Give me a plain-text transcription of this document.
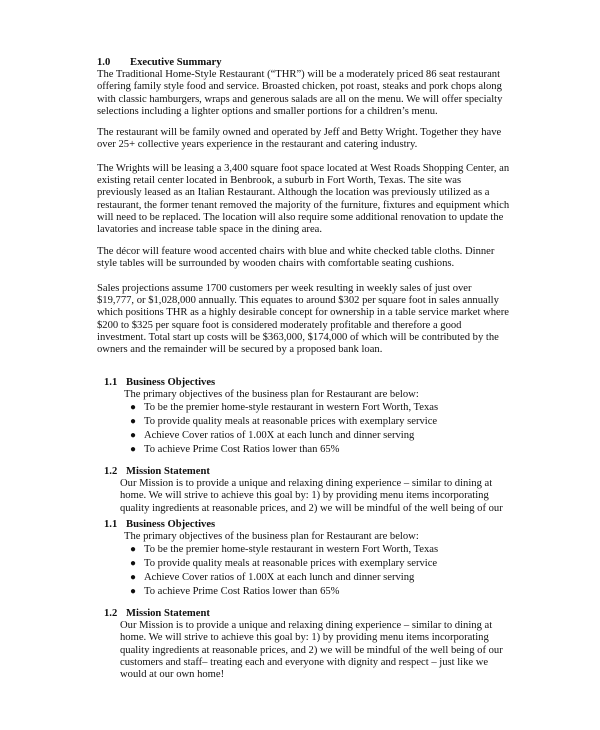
1.0 Executive Summary
The Traditional Home-Style Restaurant (“THR”) will be a moderately priced 86 seat restaurant
offering family style food and service. Broasted chicken, pot roast, steaks and pork chops along
with classic hamburgers, wraps and generous salads are all on the menu. We will offer specialty
selections including a lighter options and smaller portions for a children’s menu.
The restaurant will be family owned and operated by Jeff and Betty Wright. Together they have
over 25+ collective years experience in the restaurant and catering industry.
The Wrights will be leasing a 3,400 square foot space located at West Roads Shopping Center, an
existing retail center located in Benbrook, a suburb in Fort Worth, Texas. The site was
previously leased as an Italian Restaurant. Although the location was previously utilized as a
restaurant, the former tenant removed the majority of the furniture, fixtures and equipment which
will need to be replaced. The location will also require some additional renovation to update the
lavatories and increase table space in the dining area.
The décor will feature wood accented chairs with blue and white checked table cloths. Dinner
style tables will be surrounded by wooden chairs with comfortable seating cushions.
Sales projections assume 1700 customers per week resulting in weekly sales of just over
$19,777, or $1,028,000 annually. This equates to around $302 per square foot in sales annually
which positions THR as a highly desirable concept for ownership in a table service market where
$200 to $325 per square foot is considered moderately profitable and therefore a good
investment. Total start up costs will be $363,000, $174,000 of which will be contributed by the
owners and the remainder will be secured by a proposed bank loan.
1.1 Business Objectives
The primary objectives of the business plan for Restaurant are below:
● To be the premier home-style restaurant in western Fort Worth, Texas
● To provide quality meals at reasonable prices with exemplary service
● Achieve Cover ratios of 1.00X at each lunch and dinner serving
● To achieve Prime Cost Ratios lower than 65%
1.2 Mission Statement
Our Mission is to provide a unique and relaxing dining experience – similar to dining at
home. We will strive to achieve this goal by: 1) by providing menu items incorporating
quality ingredients at reasonable prices, and 2) we will be mindful of the well being of our
1.1 Business Objectives
The primary objectives of the business plan for Restaurant are below:
● To be the premier home-style restaurant in western Fort Worth, Texas
● To provide quality meals at reasonable prices with exemplary service
● Achieve Cover ratios of 1.00X at each lunch and dinner serving
● To achieve Prime Cost Ratios lower than 65%
1.2 Mission Statement
Our Mission is to provide a unique and relaxing dining experience – similar to dining at
home. We will strive to achieve this goal by: 1) by providing menu items incorporating
quality ingredients at reasonable prices, and 2) we will be mindful of the well being of our
customers and staff– treating each and everyone with dignity and respect – just like we
would at our own home!
